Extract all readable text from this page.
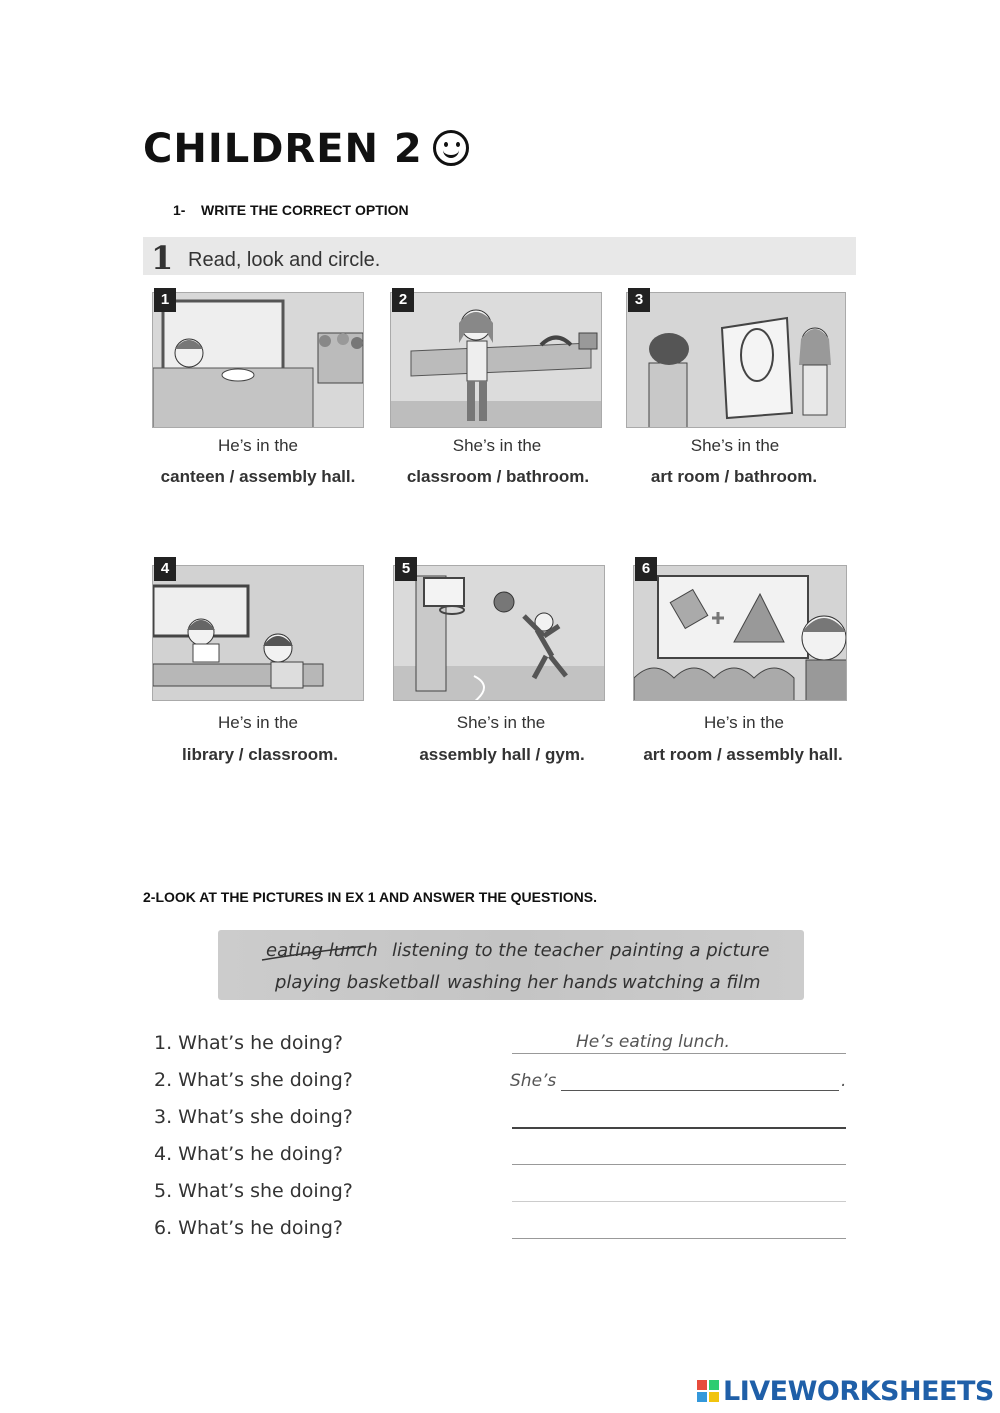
CHILDREN 2
1-    WRITE THE CORRECT OPTION
1 Read, look and circle.
1
He’s in the
canteen / assembly hall.
2
She’s in the
classroom / bathroom.
3
She’s in the
art room / bathroom.
4
He’s in the
library / classroom.
5
She’s in the
assembly hall / gym.
6
He’s in the
art room / assembly hall.
2-LOOK AT THE PICTURES IN EX 1 AND ANSWER THE QUESTIONS.
eating lunch listening to the teacher painting a picture
playing basketball washing her hands watching a film
1. What’s he doing?	He’s eating lunch.
2. What’s she doing?	She’s	.
3. What’s she doing?
4. What’s he doing?
5. What’s she doing?
6. What’s he doing?
LIVEWORKSHEETS
